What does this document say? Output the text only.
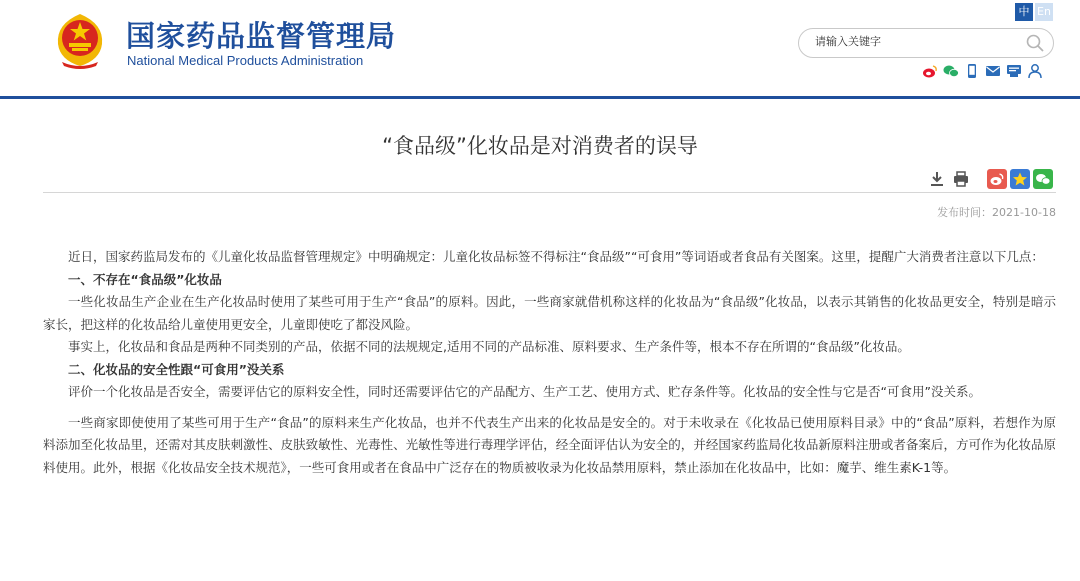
国家药品监督管理局
National Medical Products Administration
中 En
请输入关键字
“食品级”化妆品是对消费者的误导
发布时间：2021-10-18

近日，国家药监局发布的《儿童化妆品监督管理规定》中明确规定：儿童化妆品标签不得标注“食品级”“可食用”等词语或者食品有关图案。这里，提醒广大消费者注意以下几点：

一、不存在“食品级”化妆品

一些化妆品生产企业在生产化妆品时使用了某些可用于生产“食品”的原料。因此，一些商家就借机称这样的化妆品为“食品级”化妆品，以表示其销售的化妆品更安全，特别是暗示家长，把这样的化妆品给儿童使用更安全，儿童即使吃了都没风险。

事实上，化妆品和食品是两种不同类别的产品，依据不同的法规规定,适用不同的产品标准、原料要求、生产条件等，根本不存在所谓的“食品级”化妆品。

二、化妆品的安全性跟“可食用”没关系

评价一个化妆品是否安全，需要评估它的原料安全性，同时还需要评估它的产品配方、生产工艺、使用方式、贮存条件等。化妆品的安全性与它是否“可食用”没关系。

一些商家即使使用了某些可用于生产“食品”的原料来生产化妆品，也并不代表生产出来的化妆品是安全的。对于未收录在《化妆品已使用原料目录》中的“食品”原料，若想作为原料添加至化妆品里，还需对其皮肤刺激性、皮肤致敏性、光毒性、光敏性等进行毒理学评估，经全面评估认为安全的，并经国家药监局化妆品新原料注册或者备案后，方可作为化妆品原料使用。此外，根据《化妆品安全技术规范》，一些可食用或者在食品中广泛存在的物质被收录为化妆品禁用原料，禁止添加在化妆品中，比如：魔芋、维生素K-1等。
